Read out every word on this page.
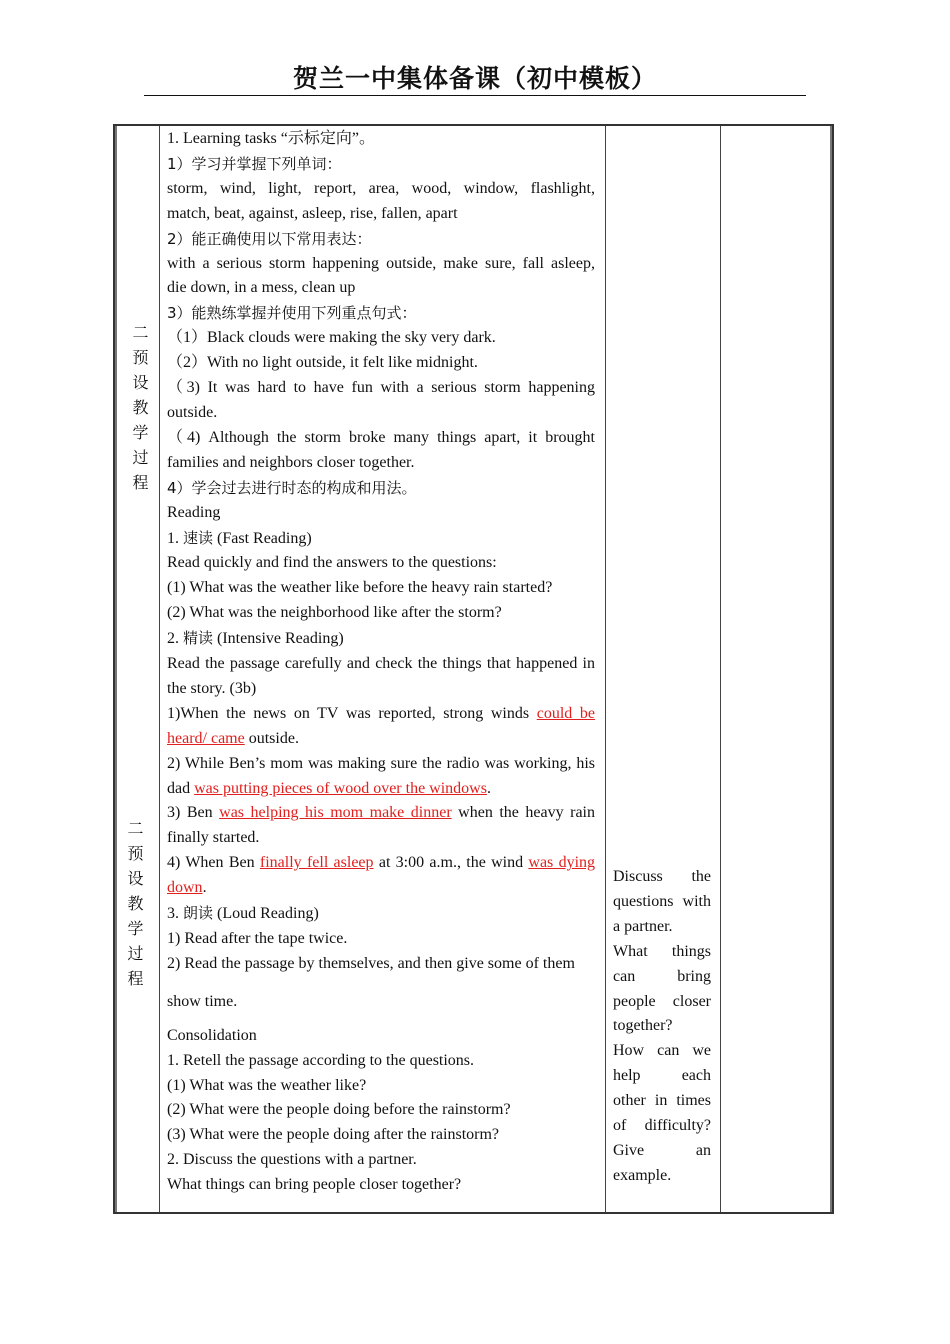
贺兰一中集体备课（初中模板）
二
预
设
教
学
过
程
二
预
设
教
学
过
程

1. Learning tasks “示标定向”。

1）学习并掌握下列单词：

storm, wind, light, report, area, wood, window, flashlight,

match, beat, against, asleep, rise, fallen, apart

2）能正确使用以下常用表达：

with a serious storm happening outside, make sure, fall asleep,

die down, in a mess, clean up

3）能熟练掌握并使用下列重点句式：

（1）Black clouds were making the sky very dark.

（2）With no light outside, it felt like midnight.

（3) It was hard to have fun with a serious storm happening outside.

（4) Although the storm broke many things apart, it brought families and neighbors closer together.

4）学会过去进行时态的构成和用法。

Reading

1. 速读 (Fast Reading)

Read quickly and find the answers to the questions:

(1) What was the weather like before the heavy rain started?

(2) What was the neighborhood like after the storm?

2. 精读 (Intensive Reading)

Read the passage carefully and check the things that happened in the story. (3b)

1)When the news on TV was reported, strong winds could be heard/ came outside.

2) While Ben’s mom was making sure the radio was working, his dad was putting pieces of wood over the windows.

3) Ben was helping his mom make dinner when the heavy rain finally started.

4) When Ben finally fell asleep at 3:00 a.m., the wind was dying down.

3. 朗读 (Loud Reading)

1) Read after the tape twice.

2) Read the passage by themselves, and then give some of them

show time.

Consolidation

1. Retell the passage according to the questions.

(1) What was the weather like?

(2) What were the people doing before the rainstorm?

(3) What were the people doing after the rainstorm?

2. Discuss the questions with a partner.

What things can bring people closer together?

Discuss the

questions with

a partner.

What things

can bring

people closer

together?

How can we

help each

other in times

of difficulty?

Give an

example.
